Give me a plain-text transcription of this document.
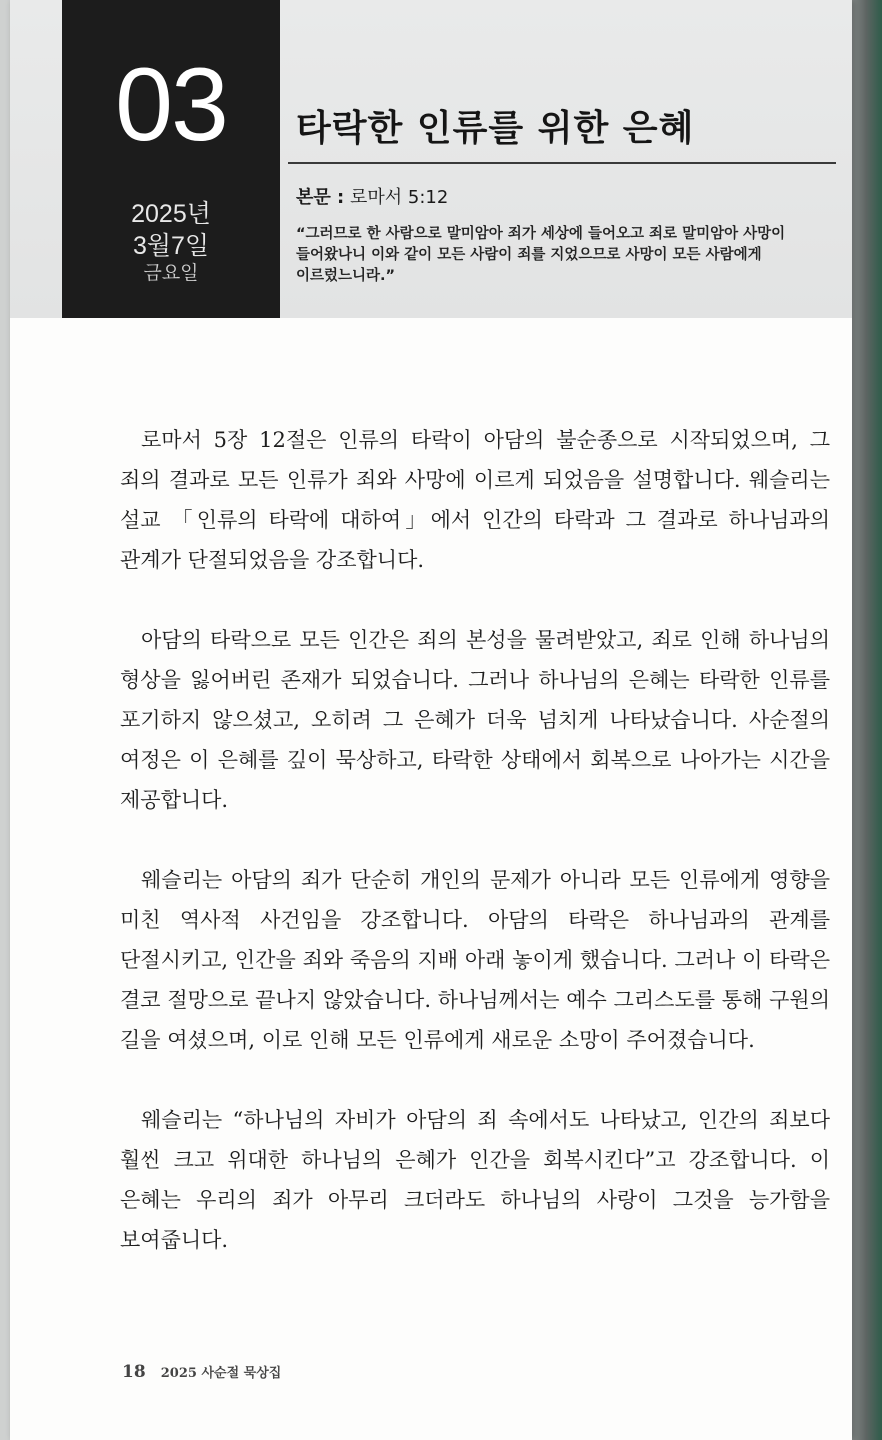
03
2025년
3월7일
금요일
타락한 인류를 위한 은혜
본문 : 로마서 5:12
“그러므로 한 사람으로 말미암아 죄가 세상에 들어오고 죄로 말미암아 사망이 들어왔나니 이와 같이 모든 사람이 죄를 지었으므로 사망이 모든 사람에게 이르렀느니라.”

로마서 5장 12절은 인류의 타락이 아담의 불순종으로 시작되었으며, 그 죄의 결과로 모든 인류가 죄와 사망에 이르게 되었음을 설명합니다. 웨슬리는 설교 「인류의 타락에 대하여」에서 인간의 타락과 그 결과로 하나님과의 관계가 단절되었음을 강조합니다.

아담의 타락으로 모든 인간은 죄의 본성을 물려받았고, 죄로 인해 하나님의 형상을 잃어버린 존재가 되었습니다. 그러나 하나님의 은혜는 타락한 인류를 포기하지 않으셨고, 오히려 그 은혜가 더욱 넘치게 나타났습니다. 사순절의 여정은 이 은혜를 깊이 묵상하고, 타락한 상태에서 회복으로 나아가는 시간을 제공합니다.

웨슬리는 아담의 죄가 단순히 개인의 문제가 아니라 모든 인류에게 영향을 미친 역사적 사건임을 강조합니다. 아담의 타락은 하나님과의 관계를 단절시키고, 인간을 죄와 죽음의 지배 아래 놓이게 했습니다. 그러나 이 타락은 결코 절망으로 끝나지 않았습니다. 하나님께서는 예수 그리스도를 통해 구원의 길을 여셨으며, 이로 인해 모든 인류에게 새로운 소망이 주어졌습니다.

웨슬리는 “하나님의 자비가 아담의 죄 속에서도 나타났고, 인간의 죄보다 훨씬 크고 위대한 하나님의 은혜가 인간을 회복시킨다”고 강조합니다. 이 은혜는 우리의 죄가 아무리 크더라도 하나님의 사랑이 그것을 능가함을 보여줍니다.

18 2025 사순절 묵상집
